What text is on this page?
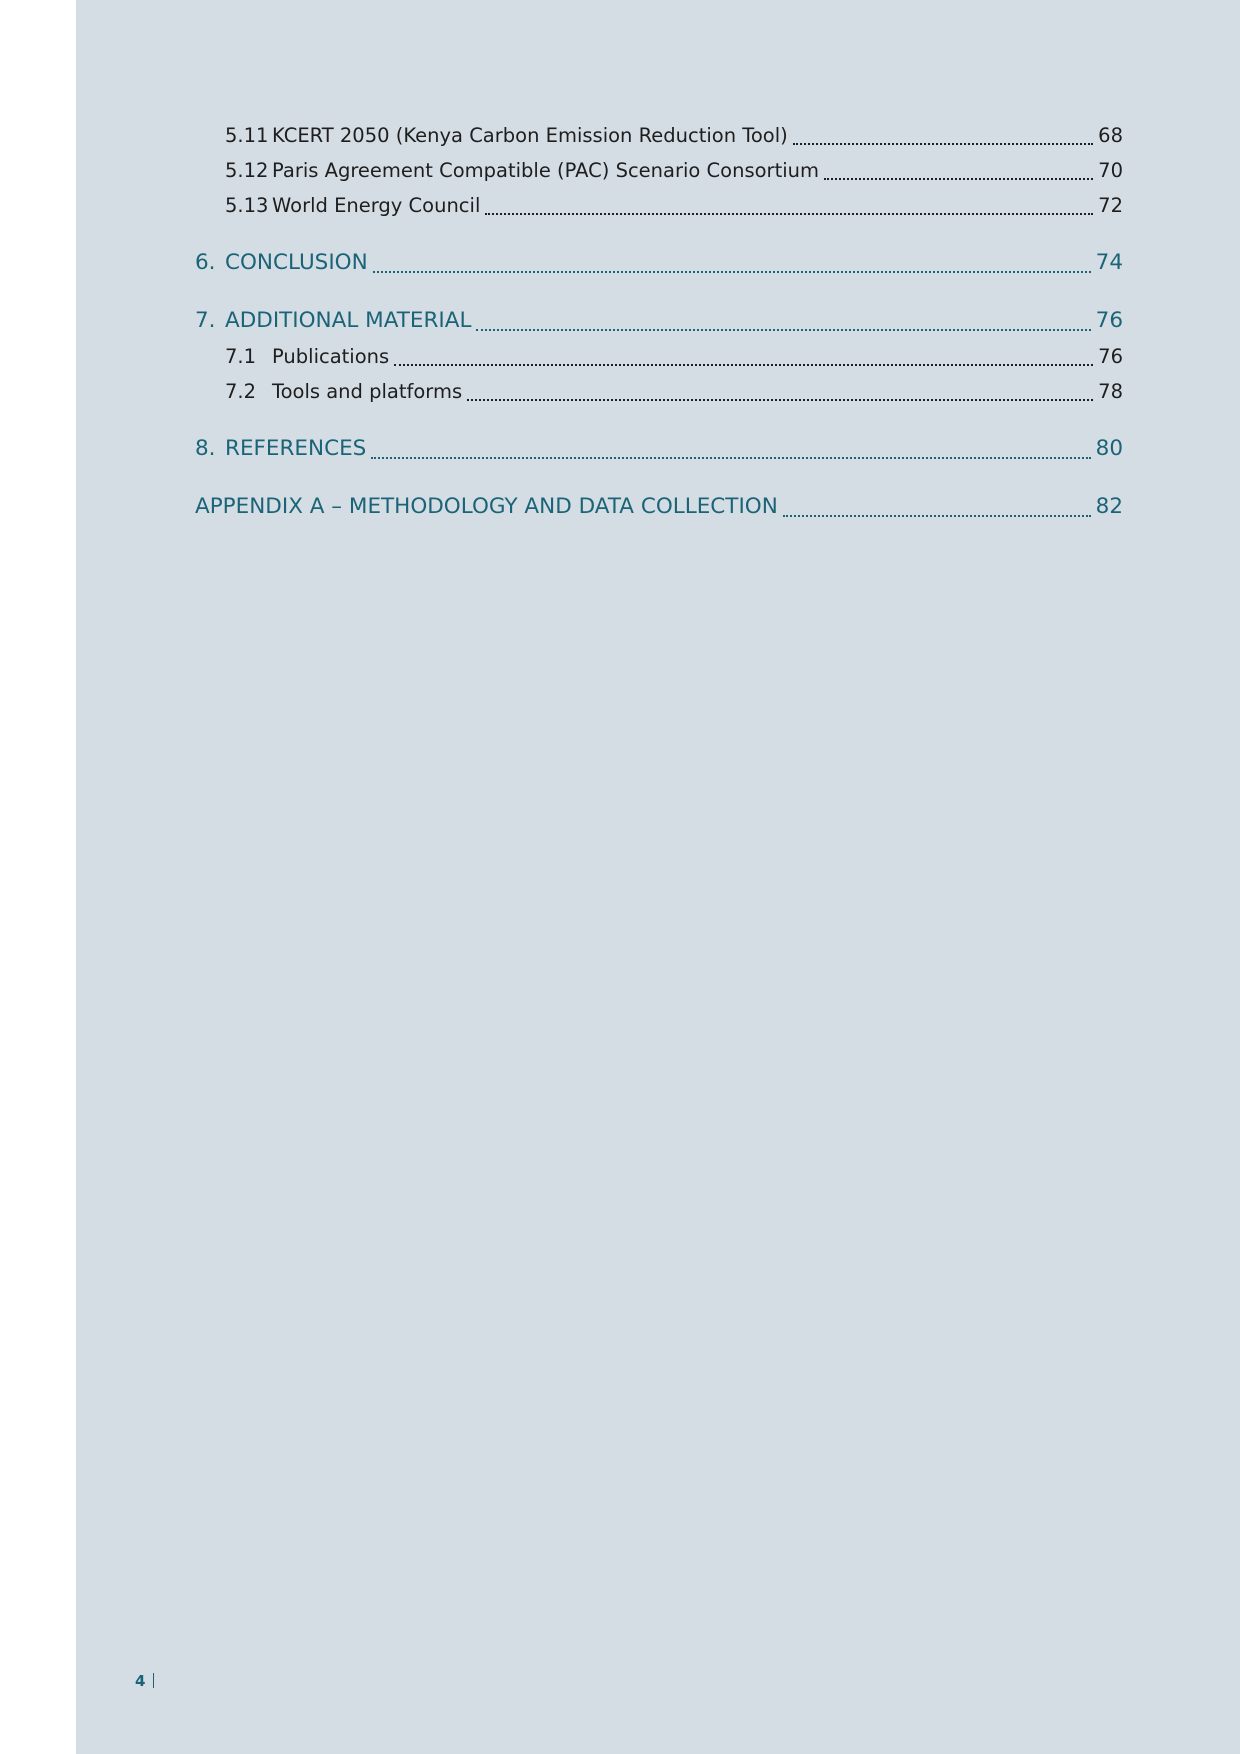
5.11 KCERT 2050 (Kenya Carbon Emission Reduction Tool)	68
5.12 Paris Agreement Compatible (PAC) Scenario Consortium	70
5.13 World Energy Council	72
6. CONCLUSION	74
7. ADDITIONAL MATERIAL	76
7.1 Publications	76
7.2 Tools and platforms	78
8. REFERENCES	80
APPENDIX A – METHODOLOGY AND DATA COLLECTION	82
4
